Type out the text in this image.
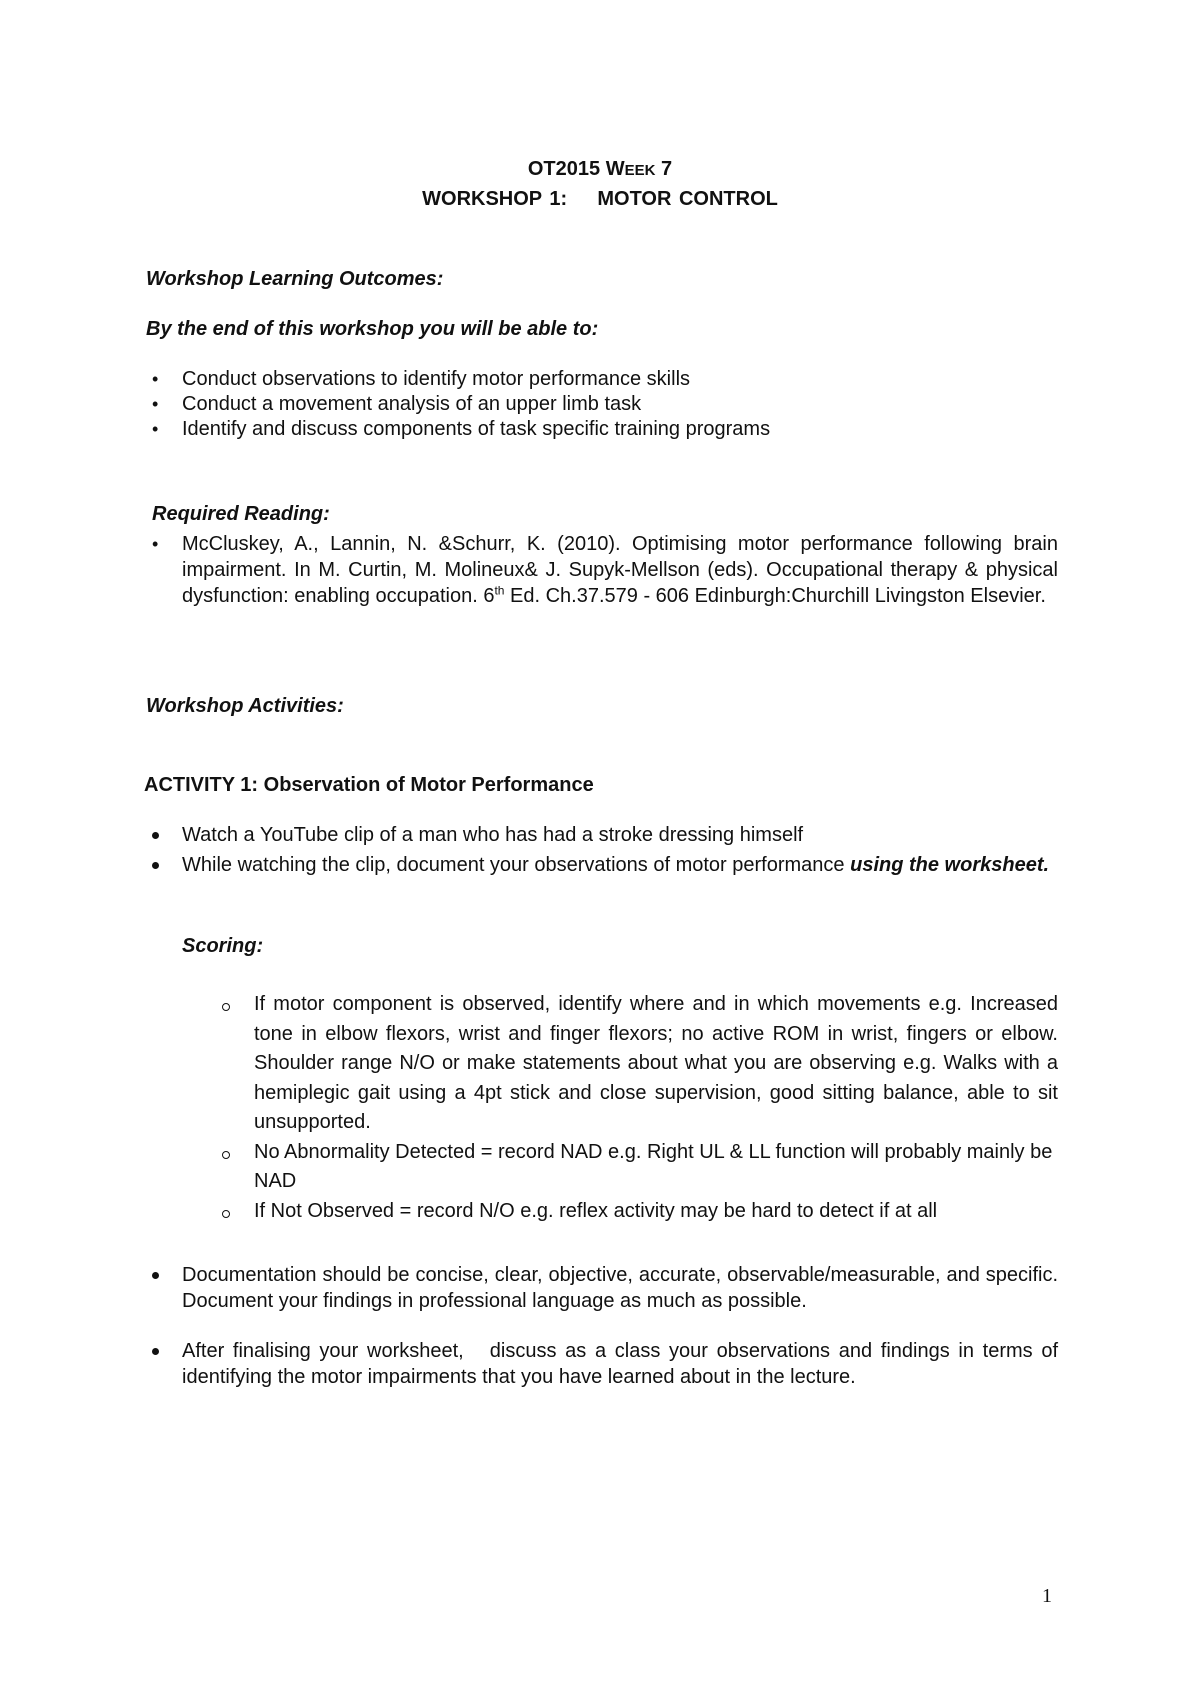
OT2015 WEEK 7
WORKSHOP 1:    MOTOR CONTROL
Workshop Learning Outcomes:
By the end of this workshop you will be able to:
• Conduct observations to identify motor performance skills
• Conduct a movement analysis of an upper limb task
• Identify and discuss components of task specific training programs
Required Reading:
• McCluskey, A., Lannin, N. &Schurr, K. (2010). Optimising motor performance following brain impairment. In M. Curtin, M. Molineux& J. Supyk-Mellson (eds). Occupational therapy & physical dysfunction: enabling occupation. 6th Ed. Ch.37.579 - 606 Edinburgh:Churchill Livingston Elsevier.
Workshop Activities:
ACTIVITY 1: Observation of Motor Performance
Watch a YouTube clip of a man who has had a stroke dressing himself
While watching the clip, document your observations of motor performance using the worksheet.
Scoring:
If motor component is observed, identify where and in which movements e.g. Increased tone in elbow flexors, wrist and finger flexors; no active ROM in wrist, fingers or elbow. Shoulder range N/O or make statements about what you are observing e.g. Walks with a hemiplegic gait using a 4pt stick and close supervision, good sitting balance, able to sit unsupported.
No Abnormality Detected = record NAD e.g. Right UL & LL function will probably mainly be NAD
If Not Observed = record N/O e.g. reflex activity may be hard to detect if at all
Documentation should be concise, clear, objective, accurate, observable/measurable, and specific. Document your findings in professional language as much as possible.
After finalising your worksheet,   discuss as a class your observations and findings in terms of identifying the motor impairments that you have learned about in the lecture.
1
